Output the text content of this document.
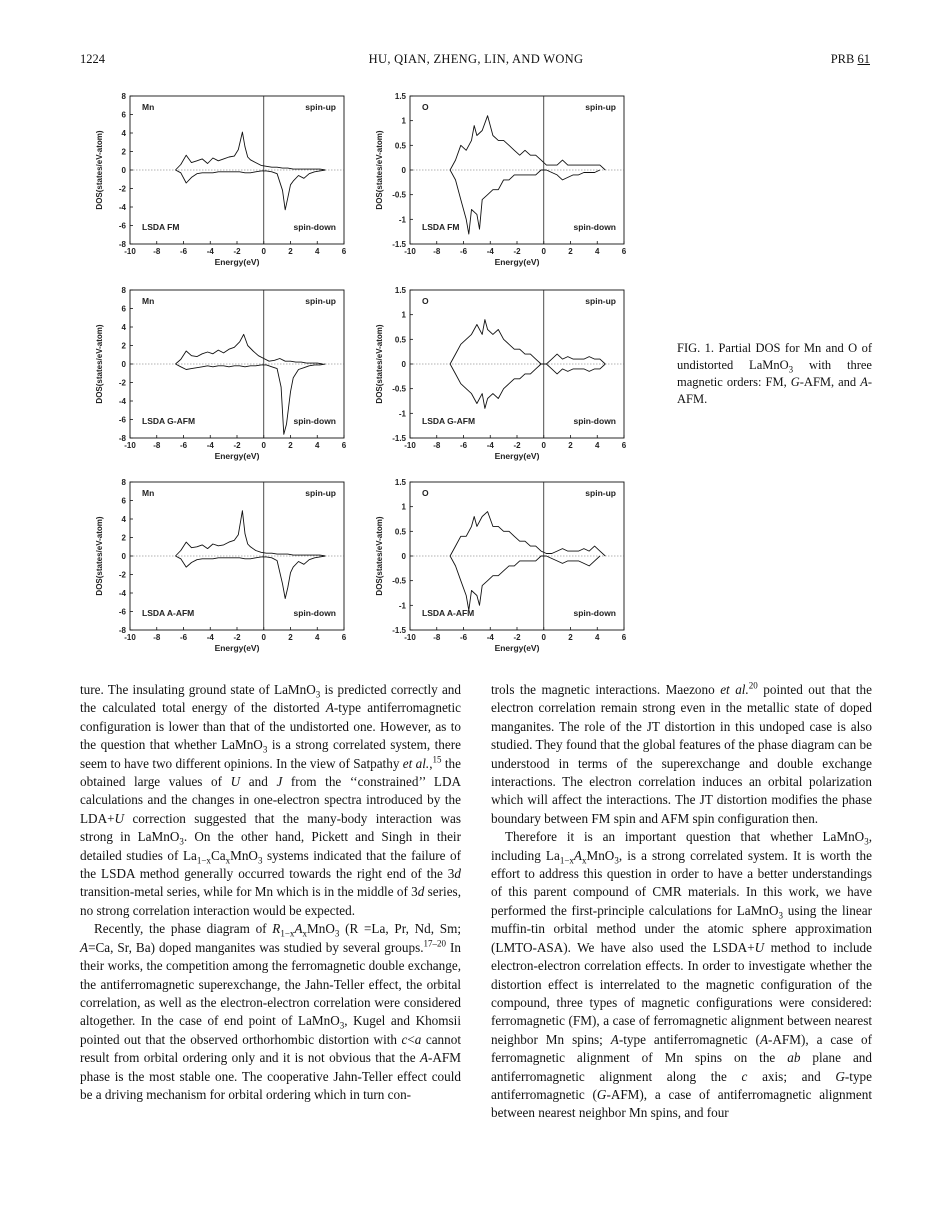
1224	HU, QIAN, ZHENG, LIN, AND WONG	PRB 61
-10 -8 -6 -4 -2	0	2	4	6
8
6
4
2
0
-2
-4
-6
-8
Energy(eV)
DOS(states/eV-atom)
Mn	spin-up
LSDA FM	spin-down
-10 -8 -6 -4 -2	0	2	4	6
1.5
1
0.5
0
-0.5
-1
-1.5
Energy(eV)
DOS(states/eV-atom)
O	spin-up
LSDA FM	spin-down
-10 -8 -6 -4 -2	0	2	4	6
8
6
4
2
0
-2
-4
-6
-8
Energy(eV)
DOS(states/eV-atom)
Mn	spin-up
LSDA G-AFM	spin-down
-10 -8 -6 -4 -2	0	2	4	6
1.5
1
0.5
0
-0.5
-1
-1.5
Energy(eV)
DOS(states/eV-atom)
O	spin-up
LSDA G-AFM	spin-down
-10 -8 -6 -4 -2	0	2	4	6
8
6
4
2
0
-2
-4
-6
-8
Energy(eV)
DOS(states/eV-atom)
Mn	spin-up
LSDA A-AFM	spin-down
-10 -8 -6 -4 -2	0	2	4	6
1.5
1
0.5
0
-0.5
-1
-1.5
Energy(eV)
DOS(states/eV-atom)
O	spin-up
LSDA A-AFM	spin-down
FIG. 1. Partial DOS for Mn and O of undistorted LaMnO$_3$ with three magnetic orders: FM, G-AFM, and A-AFM.

ture. The insulating ground state of LaMnO$_3$ is predicted correctly and the calculated total energy of the distorted A-type antiferromagnetic configuration is lower than that of the undistorted one. However, as to the question that whether LaMnO$_3$ is a strong correlated system, there seem to have two different opinions. In the view of Satpathy et al.,$^{15}$ the obtained large values of U and J from the ‘‘constrained’’ LDA calculations and the changes in one-electron spectra introduced by the LDA+U correction suggested that the many-body interaction was strong in LaMnO$_3$. On the other hand, Pickett and Singh in their detailed studies of $La_{1-x}Ca_xMnO_3$ systems indicated that the failure of the LSDA method generally occurred towards the right end of the 3d transition-metal series, while for Mn which is in the middle of 3d series, no strong correlation interaction would be expected.

Recently, the phase diagram of $R_{1-x}A_xMnO_3$ (R =La, Pr, Nd, Sm; A=Ca, Sr, Ba) doped manganites was studied by several groups.$^{17-20}$ In their works, the competition among the ferromagnetic double exchange, the antiferromagnetic superexchange, the Jahn-Teller effect, the orbital correlation, as well as the electron-electron correlation were considered altogether. In the case of end point of LaMnO$_3$, Kugel and Khomsii pointed out that the observed orthorhombic distortion with c<a cannot result from orbital ordering only and it is not obvious that the A-AFM phase is the most stable one. The cooperative Jahn-Teller effect could be a driving mechanism for orbital ordering which in turn con-

trols the magnetic interactions. Maezono et al.$^{20}$ pointed out that the electron correlation remain strong even in the metallic state of doped manganites. The role of the JT distortion in this undoped case is also studied. They found that the global features of the phase diagram can be understood in terms of the superexchange and double exchange interactions. The electron correlation induces an orbital polarization which will affect the interactions. The JT distortion modifies the phase boundary between FM spin and AFM spin configuration then.

Therefore it is an important question that whether LaMnO$_3$, including $La_{1-x}A_xMnO_3$, is a strong correlated system. It is worth the effort to address this question in order to have a better understandings of this parent compound of CMR materials. In this work, we have performed the first-principle calculations for LaMnO$_3$ using the linear muffin-tin orbital method under the atomic sphere approximation (LMTO-ASA). We have also used the LSDA+U method to include electron-electron correlation effects. In order to investigate whether the distortion effect is interrelated to the magnetic configuration of the compound, three types of magnetic configurations were considered: ferromagnetic (FM), a case of ferromagnetic alignment between nearest neighbor Mn spins; A-type antiferromagnetic (A-AFM), a case of ferromagnetic alignment of Mn spins on the ab plane and antiferromagnetic alignment along the c axis; and G-type antiferromagnetic (G-AFM), a case of antiferromagnetic alignment between nearest neighbor Mn spins, and four
